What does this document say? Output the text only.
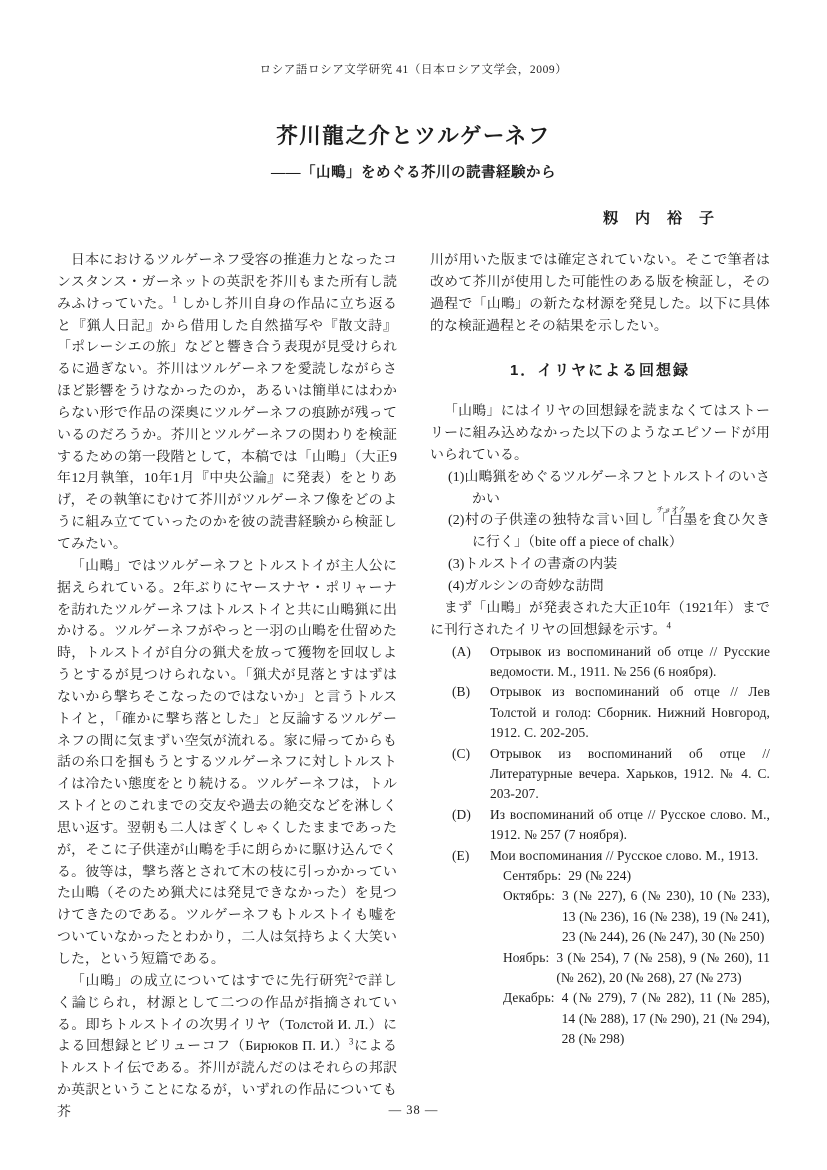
ロシア語ロシア文学研究 41（日本ロシア文学会，2009）
芥川龍之介とツルゲーネフ
――「山鴫」をめぐる芥川の読書経験から
籾　内　裕　子

日本におけるツルゲーネフ受容の推進力となったコンスタンス・ガーネットの英訳を芥川もまた所有し読みふけっていた。$^1$ しかし芥川自身の作品に立ち返ると『猟人日記』から借用した自然描写や『散文詩』「ポレーシエの旅」などと響き合う表現が見受けられるに過ぎない。芥川はツルゲーネフを愛読しながらさほど影響をうけなかったのか，あるいは簡単にはわからない形で作品の深奥にツルゲーネフの痕跡が残っているのだろうか。芥川とツルゲーネフの関わりを検証するための第一段階として，本稿では「山鴫」（大正9年12月執筆，10年1月『中央公論』に発表）をとりあげ，その執筆にむけて芥川がツルゲーネフ像をどのように組み立てていったのかを彼の読書経験から検証してみたい。

「山鴫」ではツルゲーネフとトルストイが主人公に据えられている。2年ぶりにヤースナヤ・ポリャーナを訪れたツルゲーネフはトルストイと共に山鴫猟に出かける。ツルゲーネフがやっと一羽の山鴫を仕留めた時，トルストイが自分の猟犬を放って獲物を回収しようとするが見つけられない。「猟犬が見落とすはずはないから撃ちそこなったのではないか」と言うトルストイと，「確かに撃ち落とした」と反論するツルゲーネフの間に気まずい空気が流れる。家に帰ってからも話の糸口を掴もうとするツルゲーネフに対しトルストイは冷たい態度をとり続ける。ツルゲーネフは，トルストイとのこれまでの交友や過去の絶交などを淋しく思い返す。翌朝も二人はぎくしゃくしたままであったが，そこに子供達が山鴫を手に朗らかに駆け込んでくる。彼等は，撃ち落とされて木の枝に引っかかっていた山鴫（そのため猟犬には発見できなかった）を見つけてきたのである。ツルゲーネフもトルストイも嘘をついていなかったとわかり，二人は気持ちよく大笑いした，という短篇である。

「山鴫」の成立についてはすでに先行研究$^2$で詳しく論じられ，材源として二つの作品が指摘されている。即ちトルストイの次男イリヤ（Толстой И. Л.）による回想録とビリューコフ（Бирюков П. И.）$^3$によるトルストイ伝である。芥川が読んだのはそれらの邦訳か英訳ということになるが，いずれの作品についても芥

川が用いた版までは確定されていない。そこで筆者は改めて芥川が使用した可能性のある版を検証し，その過程で「山鴫」の新たな材源を発見した。以下に具体的な検証過程とその結果を示したい。

1．イリヤによる回想録

「山鴫」にはイリヤの回想録を読まなくてはストーリーに組み込めなかった以下のようなエピソードが用いられている。

(1)山鴫猟をめぐるツルゲーネフとトルストイのいさかい
(2)村の子供達の独特な言い回し「白墨
チョオク
を食ひ欠きに行く」（bite off a piece of chalk）
(3)トルストイの書斎の内装
(4)ガルシンの奇妙な訪問

まず「山鴫」が発表された大正10年（1921年）までに刊行されたイリヤの回想録を示す。$^4$

(A)	Отрывок из воспоминаний об отце // Русские ведомости. М., 1911. № 256 (6 ноября).
(B)	Отрывок из воспоминаний об отце // Лев Толстой и голод: Сборник. Нижний Новгород, 1912. С. 202-205.
(C)	Отрывок из воспоминаний об отце // Литературные вечера. Харьков, 1912. № 4. С. 203-207.
(D)	Из воспоминаний об отце // Русское слово. М., 1912. № 257 (7 ноября).
(E)	Мои воспоминания // Русское слово. М., 1913.
Сентябрь: 29 (№ 224)
Октябрь: 3 (№ 227), 6 (№ 230), 10 (№ 233), 13 (№ 236), 16 (№ 238), 19 (№ 241), 23 (№ 244), 26 (№ 247), 30 (№ 250)
Ноябрь: 3 (№ 254), 7 (№ 258), 9 (№ 260), 11 (№ 262), 20 (№ 268), 27 (№ 273)
Декабрь: 4 (№ 279), 7 (№ 282), 11 (№ 285), 14 (№ 288), 17 (№ 290), 21 (№ 294), 28 (№ 298)
— 38 —
